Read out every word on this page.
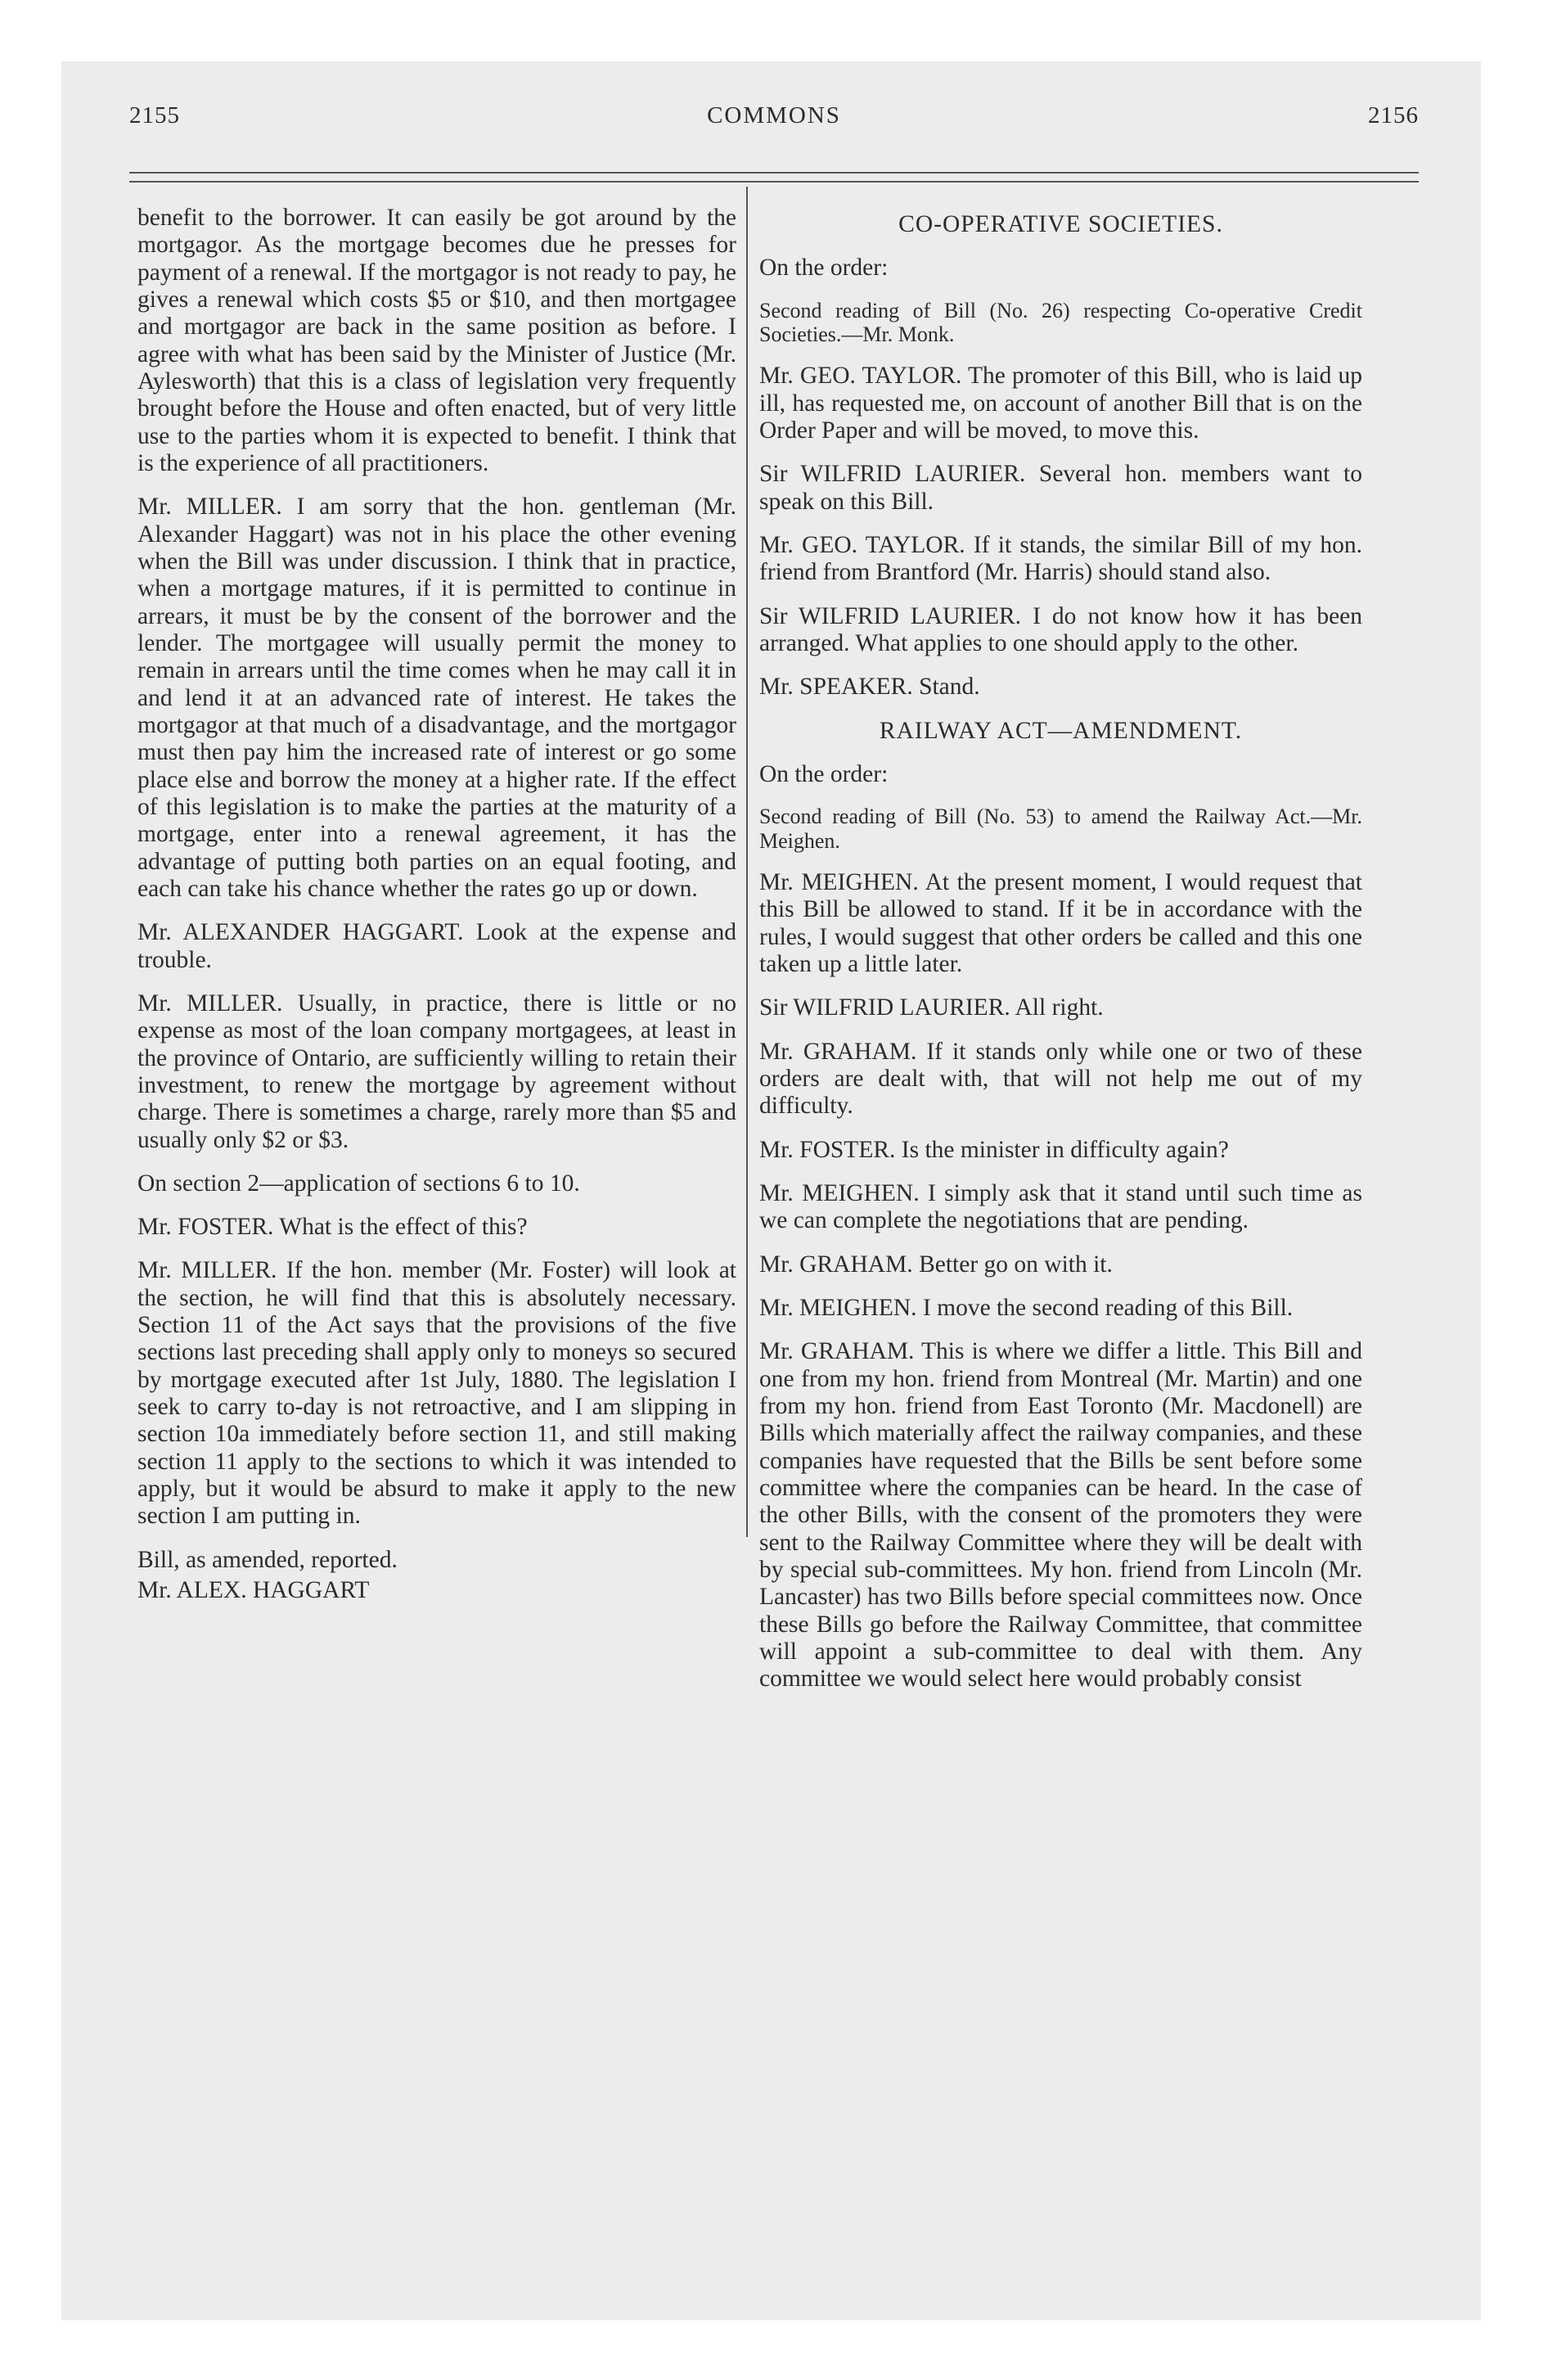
2155	COMMONS	2156

benefit to the borrower. It can easily be got around by the mortgagor. As the mortgage becomes due he presses for payment of a renewal. If the mortgagor is not ready to pay, he gives a renewal which costs $5 or $10, and then mortgagee and mortgagor are back in the same position as before. I agree with what has been said by the Minister of Justice (Mr. Aylesworth) that this is a class of legislation very frequently brought before the House and often enacted, but of very little use to the parties whom it is expected to benefit. I think that is the experience of all practitioners.

Mr. MILLER. I am sorry that the hon. gentleman (Mr. Alexander Haggart) was not in his place the other evening when the Bill was under discussion. I think that in practice, when a mortgage matures, if it is permitted to continue in arrears, it must be by the consent of the borrower and the lender. The mortgagee will usually permit the money to remain in arrears until the time comes when he may call it in and lend it at an advanced rate of interest. He takes the mortgagor at that much of a disadvantage, and the mortgagor must then pay him the increased rate of interest or go some place else and borrow the money at a higher rate. If the effect of this legislation is to make the parties at the maturity of a mortgage, enter into a renewal agreement, it has the advantage of putting both parties on an equal footing, and each can take his chance whether the rates go up or down.

Mr. ALEXANDER HAGGART. Look at the expense and trouble.

Mr. MILLER. Usually, in practice, there is little or no expense as most of the loan company mortgagees, at least in the province of Ontario, are sufficiently willing to retain their investment, to renew the mortgage by agreement without charge. There is sometimes a charge, rarely more than $5 and usually only $2 or $3.

On section 2—application of sections 6 to 10.

Mr. FOSTER. What is the effect of this?

Mr. MILLER. If the hon. member (Mr. Foster) will look at the section, he will find that this is absolutely necessary. Section 11 of the Act says that the provisions of the five sections last preceding shall apply only to moneys so secured by mortgage executed after 1st July, 1880. The legislation I seek to carry to-day is not retroactive, and I am slipping in section 10a immediately before section 11, and still making section 11 apply to the sections to which it was intended to apply, but it would be absurd to make it apply to the new section I am putting in.

Bill, as amended, reported.

Mr. ALEX. HAGGART

CO-OPERATIVE SOCIETIES.

On the order:

Second reading of Bill (No. 26) respecting Co-operative Credit Societies.—Mr. Monk.

Mr. GEO. TAYLOR. The promoter of this Bill, who is laid up ill, has requested me, on account of another Bill that is on the Order Paper and will be moved, to move this.

Sir WILFRID LAURIER. Several hon. members want to speak on this Bill.

Mr. GEO. TAYLOR. If it stands, the similar Bill of my hon. friend from Brantford (Mr. Harris) should stand also.

Sir WILFRID LAURIER. I do not know how it has been arranged. What applies to one should apply to the other.

Mr. SPEAKER. Stand.

RAILWAY ACT—AMENDMENT.

On the order:

Second reading of Bill (No. 53) to amend the Railway Act.—Mr. Meighen.

Mr. MEIGHEN. At the present moment, I would request that this Bill be allowed to stand. If it be in accordance with the rules, I would suggest that other orders be called and this one taken up a little later.

Sir WILFRID LAURIER. All right.

Mr. GRAHAM. If it stands only while one or two of these orders are dealt with, that will not help me out of my difficulty.

Mr. FOSTER. Is the minister in difficulty again?

Mr. MEIGHEN. I simply ask that it stand until such time as we can complete the negotiations that are pending.

Mr. GRAHAM. Better go on with it.

Mr. MEIGHEN. I move the second reading of this Bill.

Mr. GRAHAM. This is where we differ a little. This Bill and one from my hon. friend from Montreal (Mr. Martin) and one from my hon. friend from East Toronto (Mr. Macdonell) are Bills which materially affect the railway companies, and these companies have requested that the Bills be sent before some committee where the companies can be heard. In the case of the other Bills, with the consent of the promoters they were sent to the Railway Committee where they will be dealt with by special sub-committees. My hon. friend from Lincoln (Mr. Lancaster) has two Bills before special committees now. Once these Bills go before the Railway Committee, that committee will appoint a sub-committee to deal with them. Any committee we would select here would probably consist
